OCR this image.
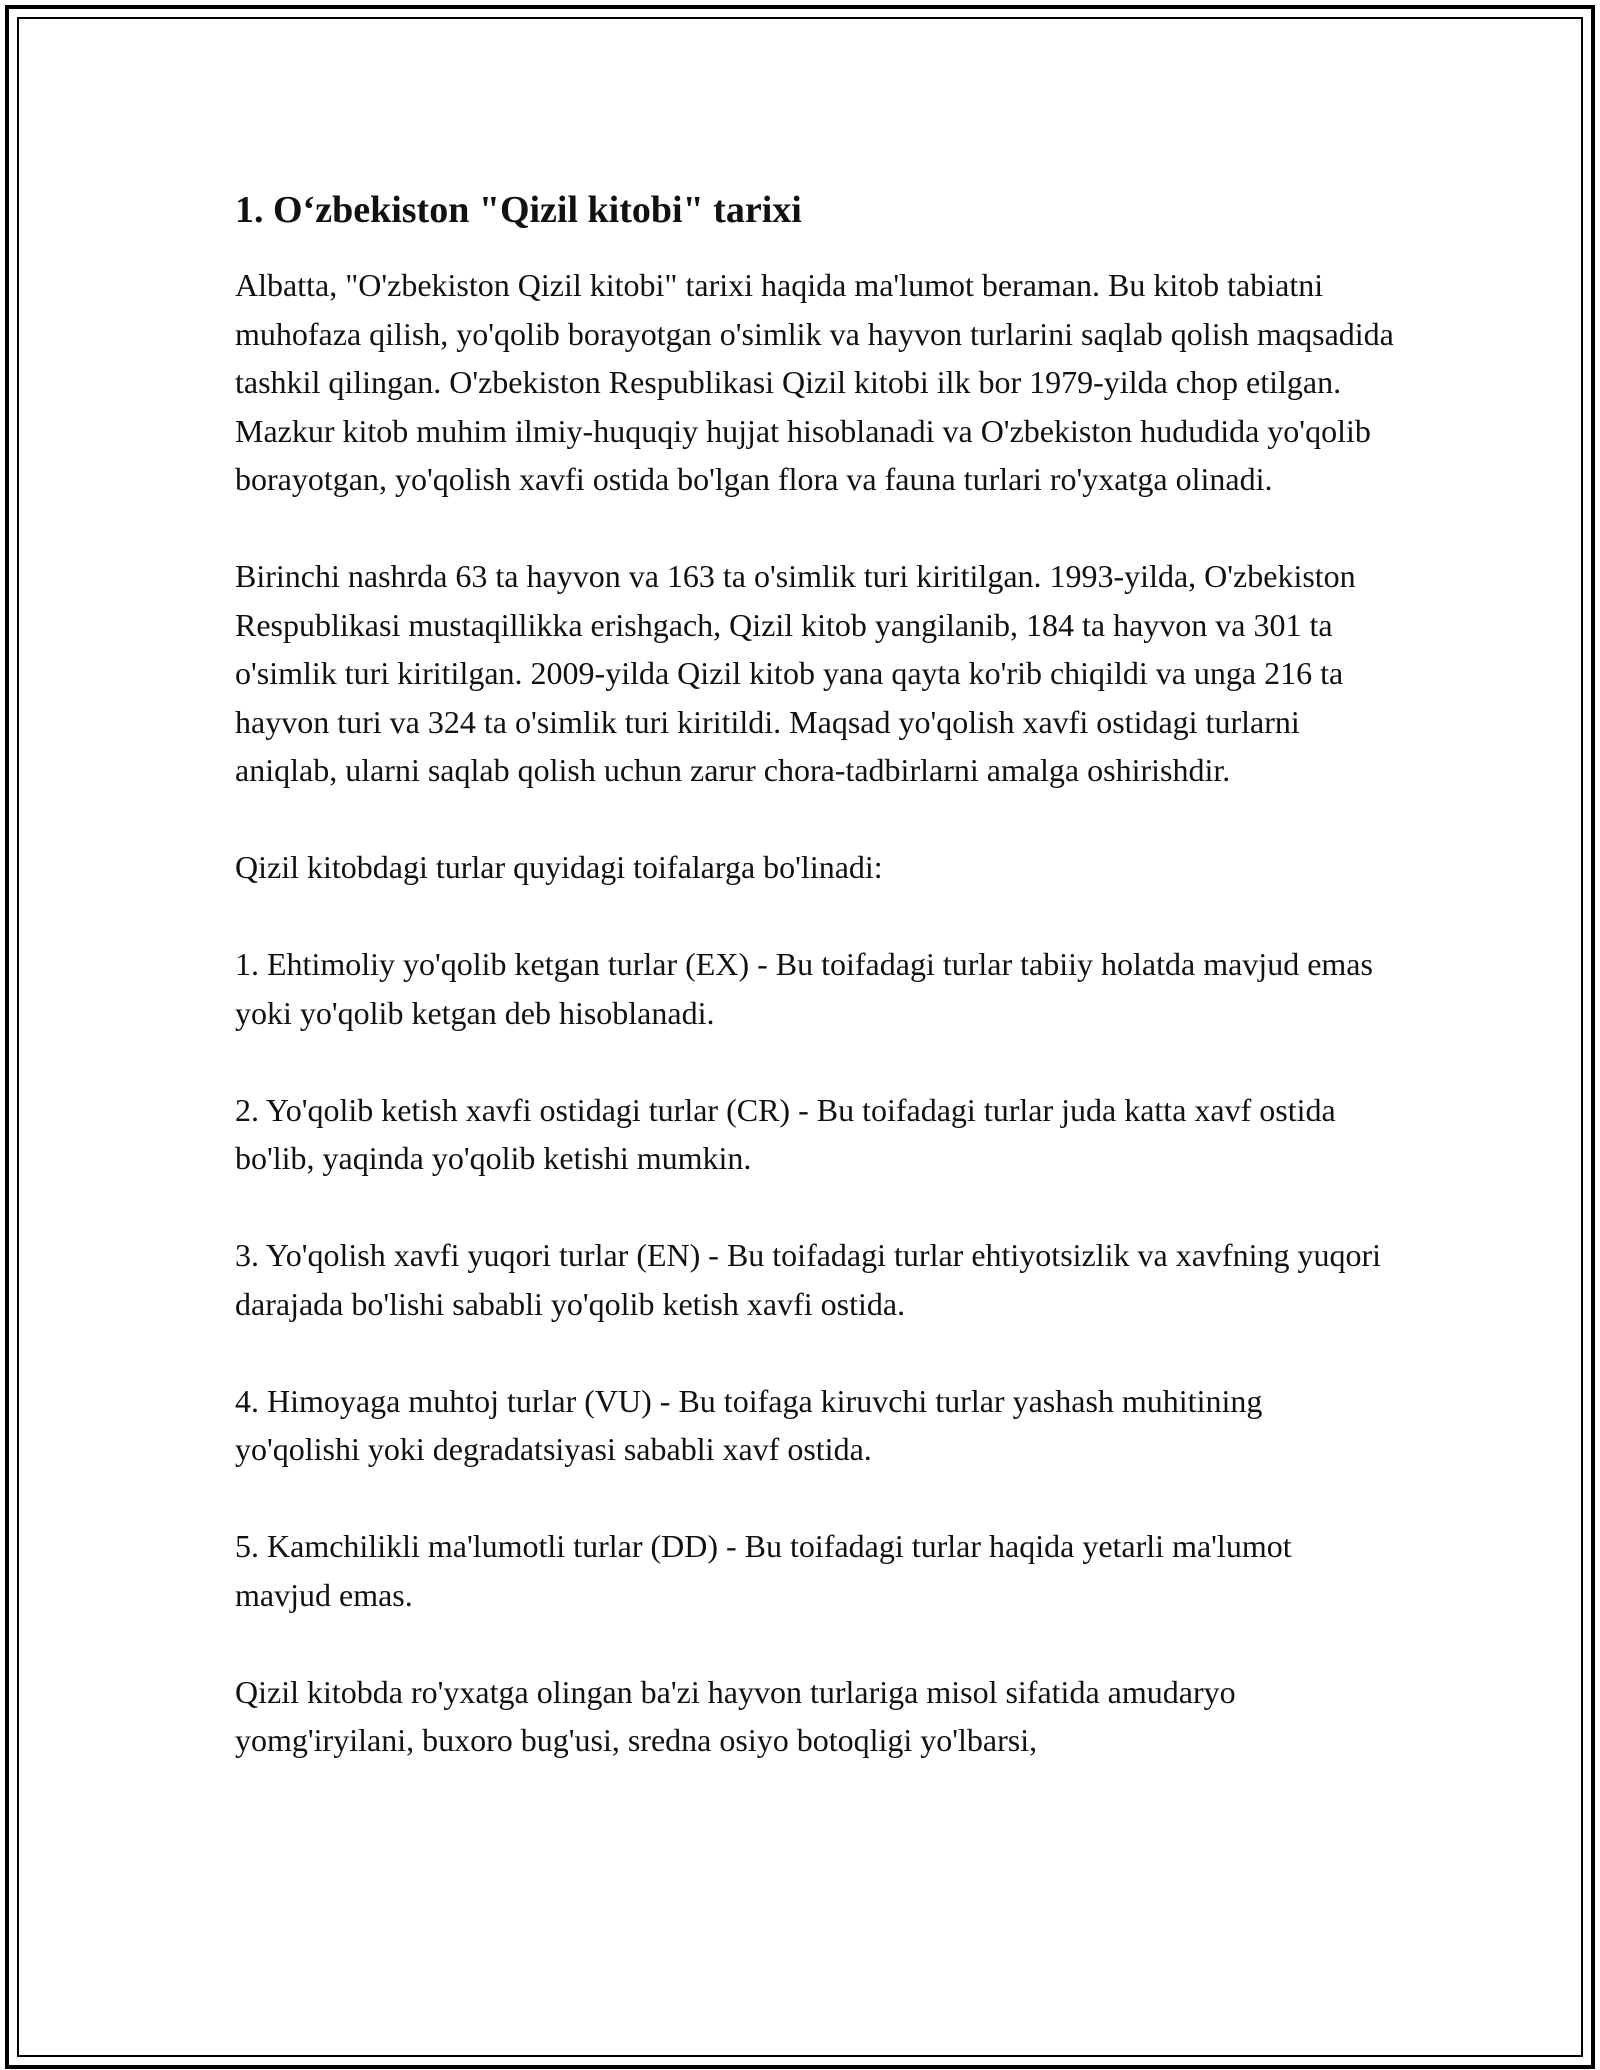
1. O‘zbekiston "Qizil kitobi" tarixi

Albatta, "O'zbekiston Qizil kitobi" tarixi haqida ma'lumot beraman. Bu kitob tabiatni muhofaza qilish, yo'qolib borayotgan o'simlik va hayvon turlarini saqlab qolish maqsadida tashkil qilingan. O'zbekiston Respublikasi Qizil kitobi ilk bor 1979-yilda chop etilgan. Mazkur kitob muhim ilmiy-huquqiy hujjat hisoblanadi va O'zbekiston hududida yo'qolib borayotgan, yo'qolish xavfi ostida bo'lgan flora va fauna turlari ro'yxatga olinadi.

Birinchi nashrda 63 ta hayvon va 163 ta o'simlik turi kiritilgan. 1993-yilda, O'zbekiston Respublikasi mustaqillikka erishgach, Qizil kitob yangilanib, 184 ta hayvon va 301 ta o'simlik turi kiritilgan. 2009-yilda Qizil kitob yana qayta ko'rib chiqildi va unga 216 ta hayvon turi va 324 ta o'simlik turi kiritildi. Maqsad yo'qolish xavfi ostidagi turlarni aniqlab, ularni saqlab qolish uchun zarur chora-tadbirlarni amalga oshirishdir.

Qizil kitobdagi turlar quyidagi toifalarga bo'linadi:

1. Ehtimoliy yo'qolib ketgan turlar (EX) - Bu toifadagi turlar tabiiy holatda mavjud emas yoki yo'qolib ketgan deb hisoblanadi.

2. Yo'qolib ketish xavfi ostidagi turlar (CR) - Bu toifadagi turlar juda katta xavf ostida bo'lib, yaqinda yo'qolib ketishi mumkin.

3. Yo'qolish xavfi yuqori turlar (EN) - Bu toifadagi turlar ehtiyotsizlik va xavfning yuqori darajada bo'lishi sababli yo'qolib ketish xavfi ostida.

4. Himoyaga muhtoj turlar (VU) - Bu toifaga kiruvchi turlar yashash muhitining yo'qolishi yoki degradatsiyasi sababli xavf ostida.

5. Kamchilikli ma'lumotli turlar (DD) - Bu toifadagi turlar haqida yetarli ma'lumot mavjud emas.

Qizil kitobda ro'yxatga olingan ba'zi hayvon turlariga misol sifatida amudaryo yomg'iryilani, buxoro bug'usi, sredna osiyo botoqligi yo'lbarsi,
